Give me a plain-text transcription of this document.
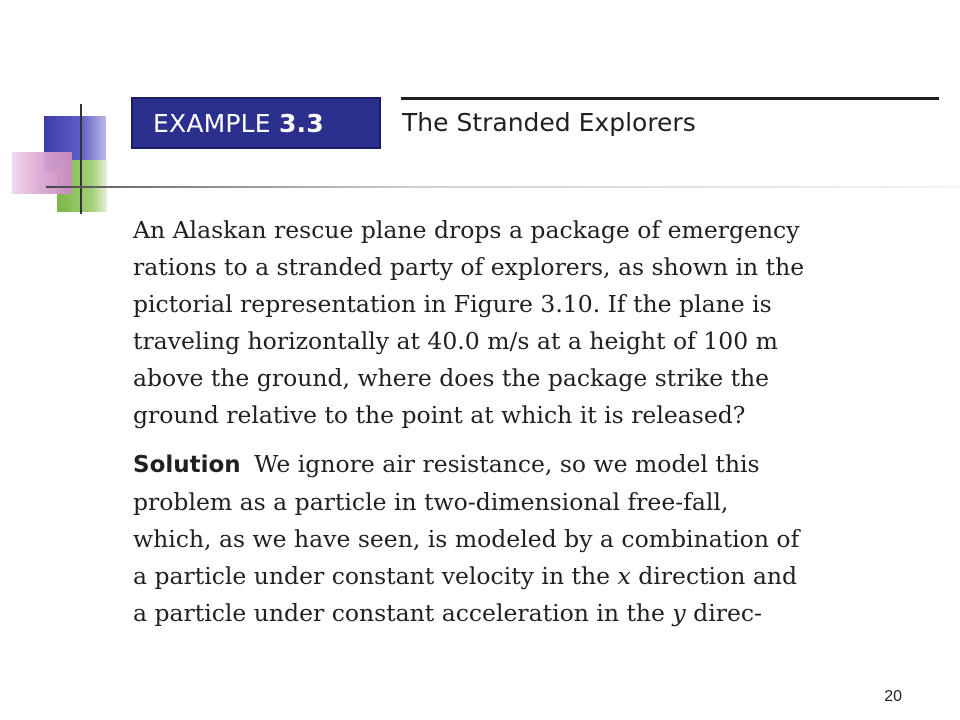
EXAMPLE 3.3	The Stranded Explorers
An Alaskan rescue plane drops a package of emergency
rations to a stranded party of explorers, as shown in the
pictorial representation in Figure 3.10. If the plane is
traveling horizontally at 40.0 m/s at a height of 100 m
above the ground, where does the package strike the
ground relative to the point at which it is released?
Solution We ignore air resistance, so we model this
problem as a particle in two-dimensional free-fall,
which, as we have seen, is modeled by a combination of
a particle under constant velocity in the x direction and
a particle under constant acceleration in the y direc-
20
